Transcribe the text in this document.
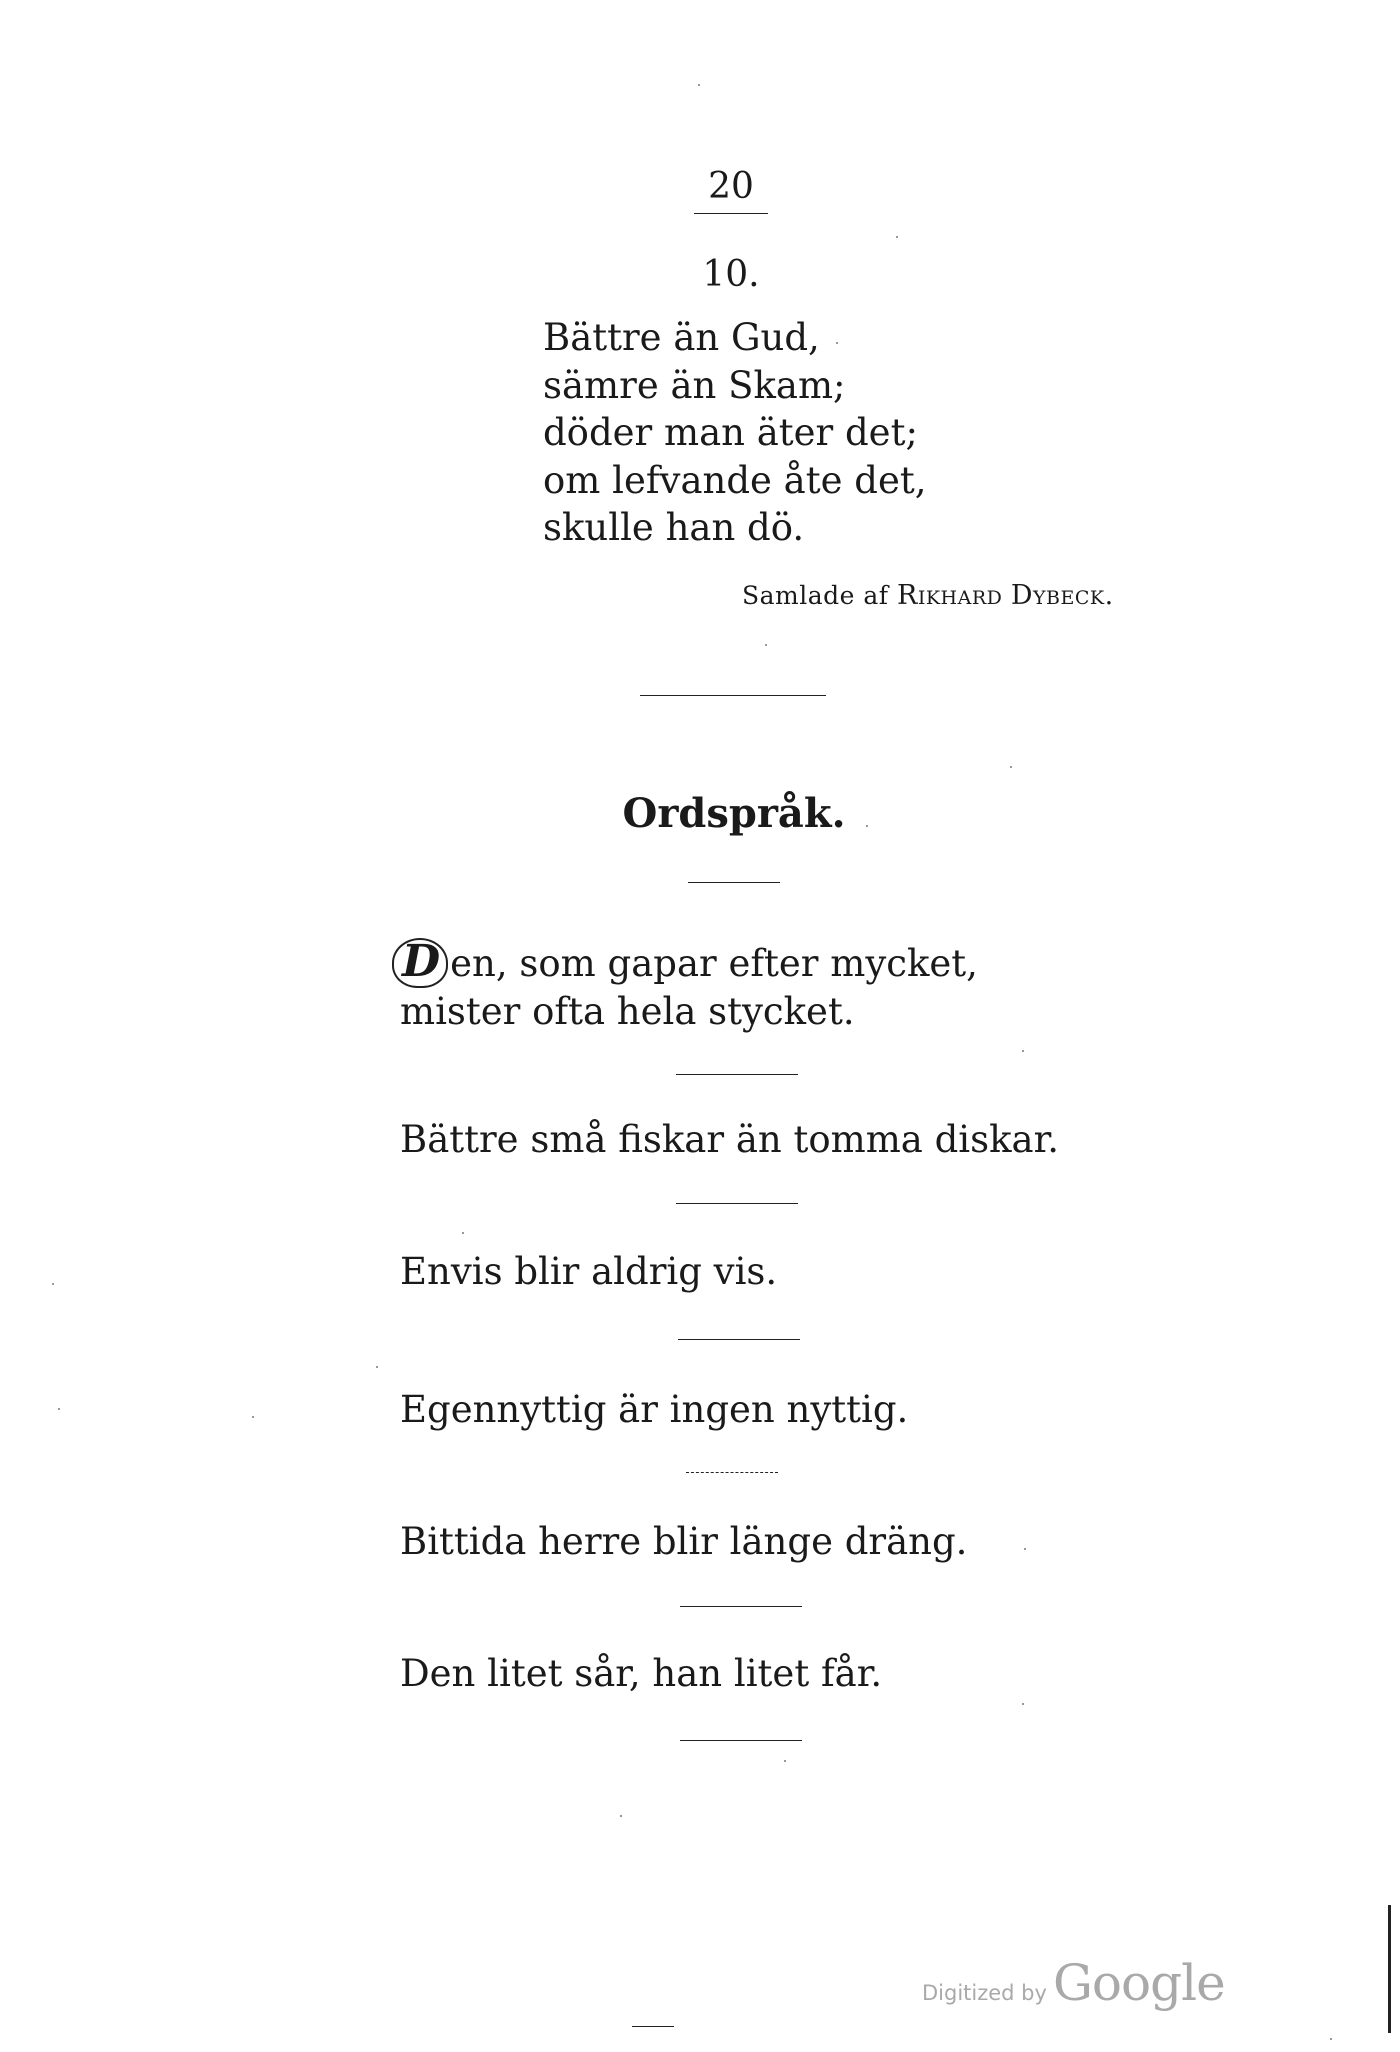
20
10.
Bättre än Gud,
sämre än Skam;
döder man äter det;
om lefvande åte det,
skulle han dö.
Samlade af Rikhard Dybeck.
Ordspråk.
D en, som gapar efter mycket,
mister ofta hela stycket.
Bättre små fiskar än tomma diskar.
Envis blir aldrig vis.
Egennyttig är ingen nyttig.
Bittida herre blir länge dräng.
Den litet sår, han litet får.
Digitized by Google
